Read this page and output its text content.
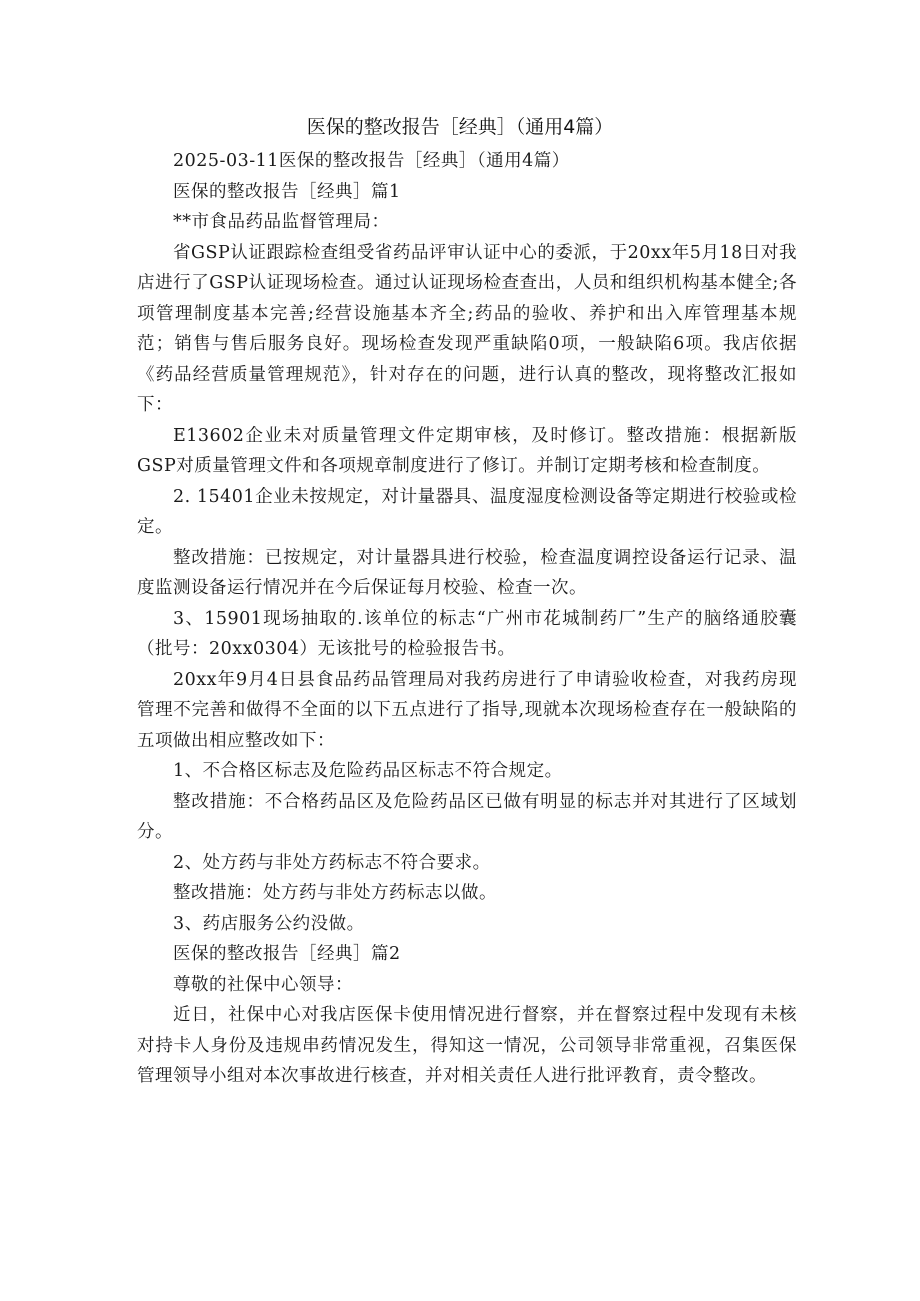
医保的整改报告［经典］（通用4篇）

2025-03-11医保的整改报告［经典］（通用4篇）

医保的整改报告［经典］篇1

**市食品药品监督管理局：

省GSP认证跟踪检查组受省药品评审认证中心的委派，于20xx年5月18日对我店进行了GSP认证现场检查。通过认证现场检查查出，人员和组织机构基本健全;各项管理制度基本完善;经营设施基本齐全;药品的验收、养护和出入库管理基本规范；销售与售后服务良好。现场检查发现严重缺陷0项，一般缺陷6项。我店依据《药品经营质量管理规范》，针对存在的问题，进行认真的整改，现将整改汇报如下：

E13602企业未对质量管理文件定期审核，及时修订。整改措施：根据新版GSP对质量管理文件和各项规章制度进行了修订。并制订定期考核和检查制度。

2. 15401企业未按规定，对计量器具、温度湿度检测设备等定期进行校验或检定。

整改措施：已按规定，对计量器具进行校验，检查温度调控设备运行记录、温度监测设备运行情况并在今后保证每月校验、检查一次。

3、15901现场抽取的.该单位的标志“广州市花城制药厂”生产的脑络通胶囊（批号：20xx0304）无该批号的检验报告书。

20xx年9月4日县食品药品管理局对我药房进行了申请验收检查，对我药房现管理不完善和做得不全面的以下五点进行了指导,现就本次现场检查存在一般缺陷的五项做出相应整改如下：

1、不合格区标志及危险药品区标志不符合规定。

整改措施：不合格药品区及危险药品区已做有明显的标志并对其进行了区域划分。

2、处方药与非处方药标志不符合要求。

整改措施：处方药与非处方药标志以做。

3、药店服务公约没做。

医保的整改报告［经典］篇2

尊敬的社保中心领导：

近日，社保中心对我店医保卡使用情况进行督察，并在督察过程中发现有未核对持卡人身份及违规串药情况发生，得知这一情况，公司领导非常重视，召集医保管理领导小组对本次事故进行核查，并对相关责任人进行批评教育，责令整改。
